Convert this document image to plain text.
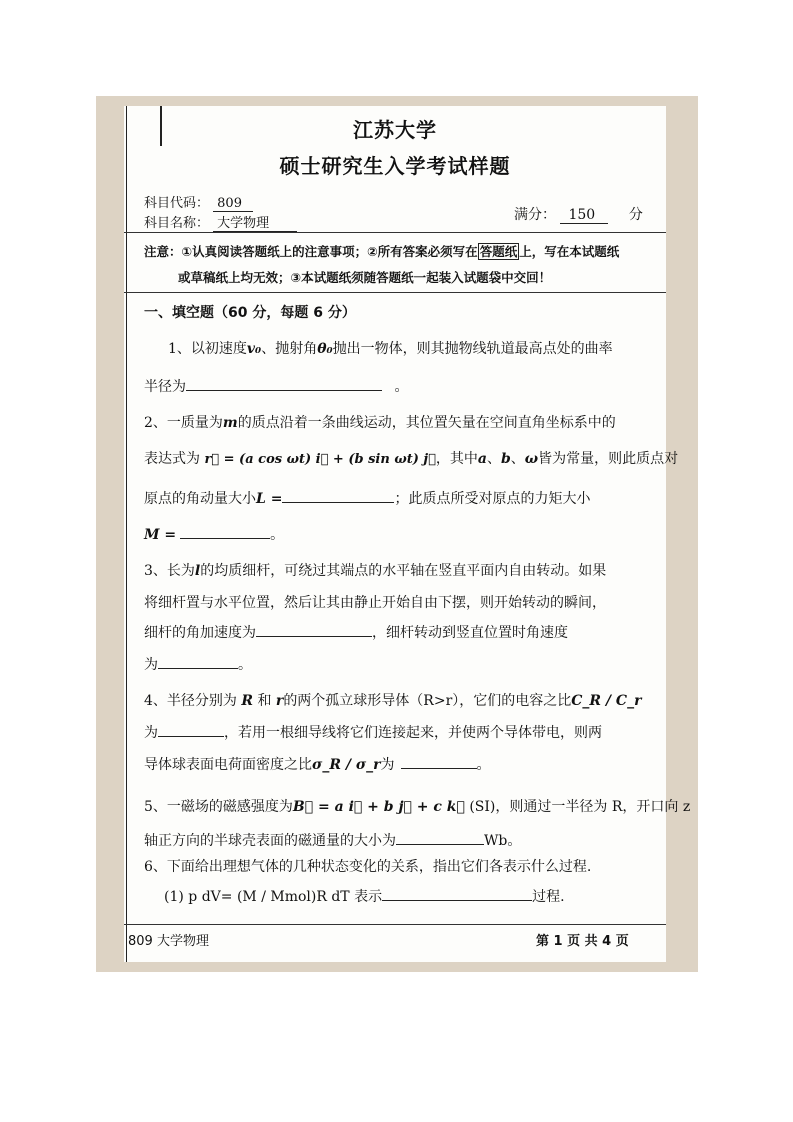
江苏大学
硕士研究生入学考试样题
科目代码： 809
科目名称： 大学物理
满分： 150 分
注意：①认真阅读答题纸上的注意事项；②所有答案必须写在 答题纸 上，写在本试题纸
或草稿纸上均无效；③本试题纸须随答题纸一起装入试题袋中交回！
一、填空题（60 分，每题 6 分）
1、以初速度v₀、抛射角θ₀抛出一物体，则其抛物线轨道最高点处的曲率
半径为	。
2、一质量为m的质点沿着一条曲线运动，其位置矢量在空间直角坐标系中的
表达式为 r⃗ = (a cos ωt) i⃗ + (b sin ωt) j⃗，其中a、b、ω皆为常量，则此质点对
原点的角动量大小L =	；此质点所受对原点的力矩大小
M =	。
3、长为l的均质细杆，可绕过其端点的水平轴在竖直平面内自由转动。如果
将细杆置与水平位置，然后让其由静止开始自由下摆，则开始转动的瞬间，
细杆的角加速度为	，细杆转动到竖直位置时角速度
为	。
4、半径分别为 R 和 r的两个孤立球形导体（R>r），它们的电容之比C_R / C_r
为	，若用一根细导线将它们连接起来，并使两个导体带电，则两
导体球表面电荷面密度之比σ_R / σ_r为	。
5、一磁场的磁感强度为B⃗ = a i⃗ + b j⃗ + c k⃗ (SI)，则通过一半径为 R，开口向 z
轴正方向的半球壳表面的磁通量的大小为	Wb。
6、下面给出理想气体的几种状态变化的关系，指出它们各表示什么过程.
(1) p dV= (M / Mmol)R dT 表示	过程.
809 大学物理	第 1 页 共 4 页
